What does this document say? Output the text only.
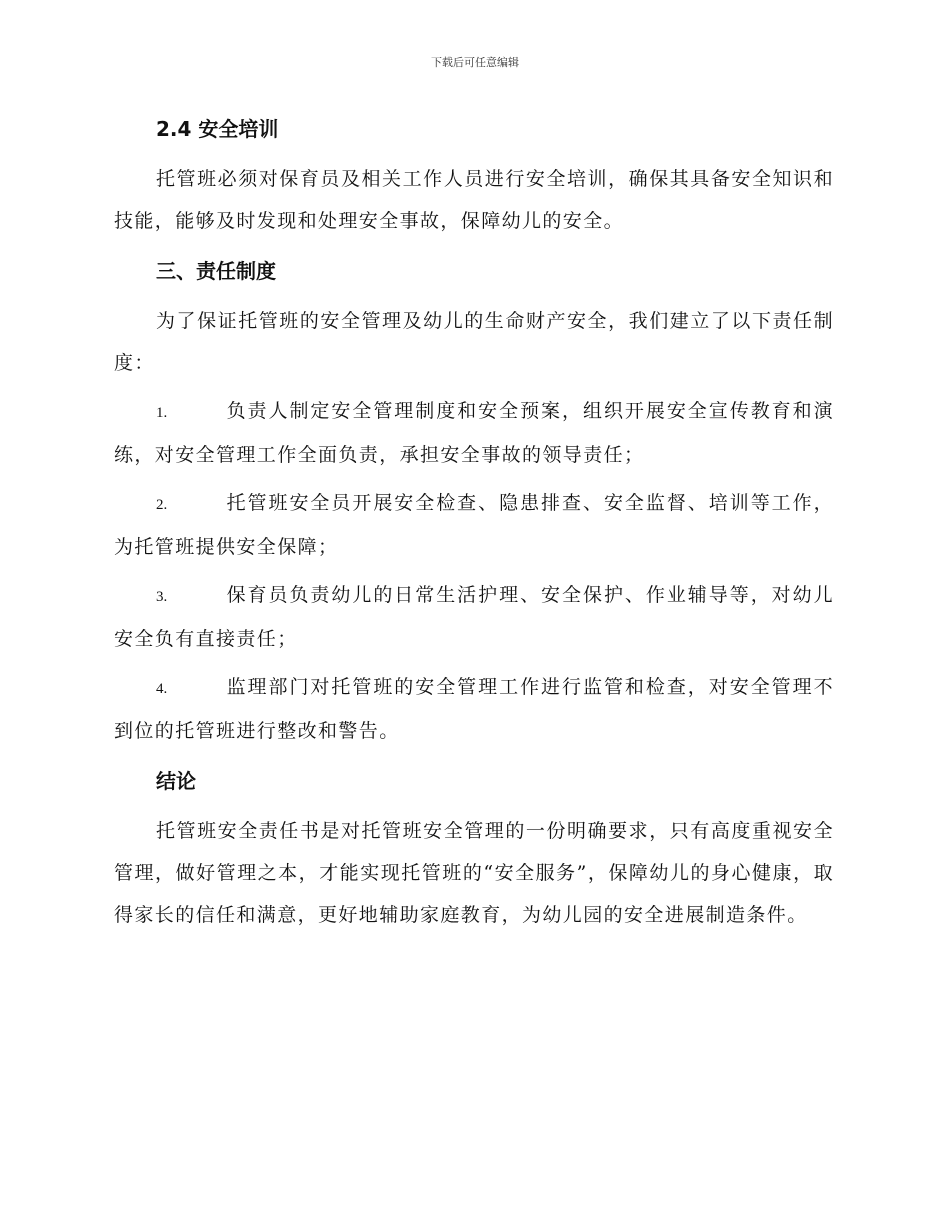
下载后可任意编辑
2.4 安全培训

托管班必须对保育员及相关工作人员进行安全培训，确保其具备安全知识和技能，能够及时发现和处理安全事故，保障幼儿的安全。

三、责任制度

为了保证托管班的安全管理及幼儿的生命财产安全，我们建立了以下责任制度：

1.	负责人制定安全管理制度和安全预案，组织开展安全宣传教育和演练，对安全管理工作全面负责，承担安全事故的领导责任；

2.	托管班安全员开展安全检查、隐患排查、安全监督、培训等工作，为托管班提供安全保障；

3.	保育员负责幼儿的日常生活护理、安全保护、作业辅导等，对幼儿安全负有直接责任；

4.	监理部门对托管班的安全管理工作进行监管和检查，对安全管理不到位的托管班进行整改和警告。

结论

托管班安全责任书是对托管班安全管理的一份明确要求，只有高度重视安全管理，做好管理之本，才能实现托管班的“安全服务”，保障幼儿的身心健康，取得家长的信任和满意，更好地辅助家庭教育，为幼儿园的安全进展制造条件。
